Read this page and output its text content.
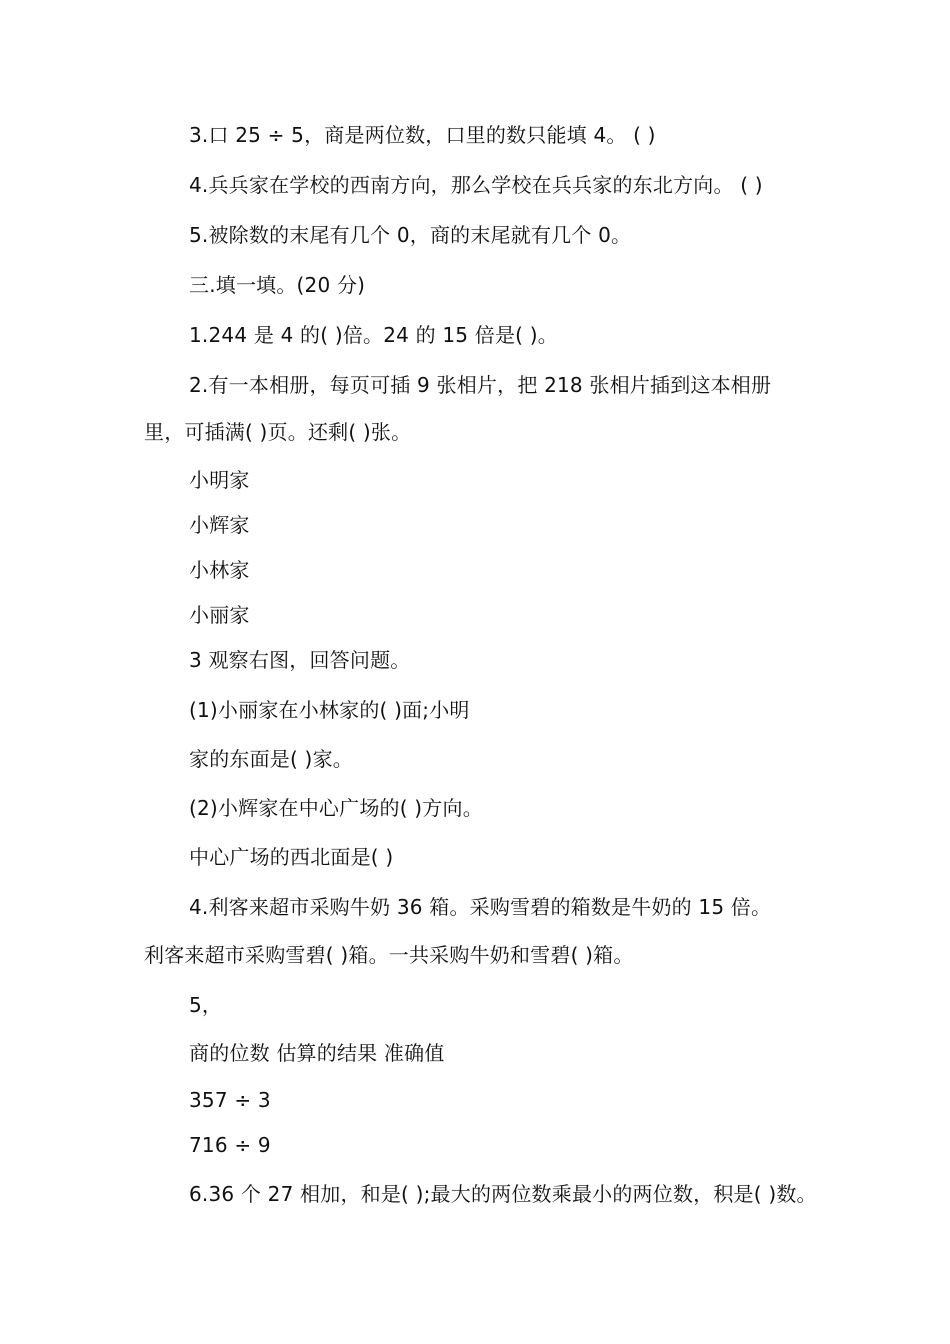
3.口 25 ÷ 5，商是两位数，口里的数只能填 4。 ( )
4.兵兵家在学校的西南方向，那么学校在兵兵家的东北方向。 ( )
5.被除数的末尾有几个 0，商的末尾就有几个 0。
三.填一填。(20 分)
1.244 是 4 的( )倍。24 的 15 倍是( )。
2.有一本相册，每页可插 9 张相片，把 218 张相片插到这本相册
里，可插满( )页。还剩( )张。
小明家
小辉家
小林家
小丽家
3 观察右图，回答问题。
(1)小丽家在小林家的( )面;小明
家的东面是( )家。
(2)小辉家在中心广场的( )方向。
中心广场的西北面是( )
4.利客来超市采购牛奶 36 箱。采购雪碧的箱数是牛奶的 15 倍。
利客来超市采购雪碧( )箱。一共采购牛奶和雪碧( )箱。
5，
商的位数 估算的结果 准确值
357 ÷ 3
716 ÷ 9
6.36 个 27 相加，和是( );最大的两位数乘最小的两位数，积是( )数。
